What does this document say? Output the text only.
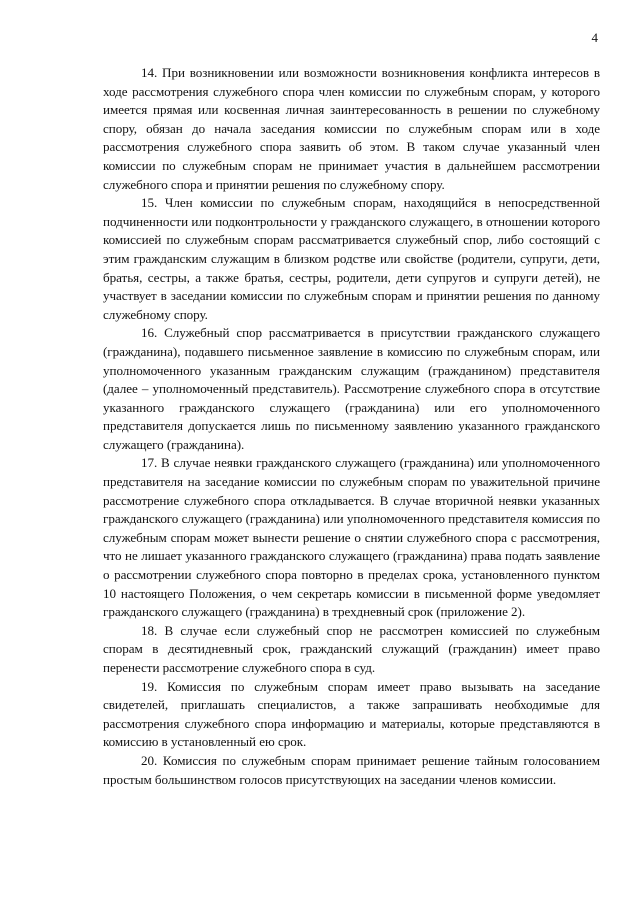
4

14. При возникновении или возможности возникновения конфликта интересов в ходе рассмотрения служебного спора член комиссии по служебным спорам, у которого имеется прямая или косвенная личная заинтересованность в решении по служебному спору, обязан до начала заседания комиссии по служебным спорам или в ходе рассмотрения служебного спора заявить об этом. В таком случае указанный член комиссии по служебным спорам не принимает участия в дальнейшем рассмотрении служебного спора и принятии решения по служебному спору.

15. Член комиссии по служебным спорам, находящийся в непосредственной подчиненности или подконтрольности у гражданского служащего, в отношении которого комиссией по служебным спорам рассматривается служебный спор, либо состоящий с этим гражданским служащим в близком родстве или свойстве (родители, супруги, дети, братья, сестры, а также братья, сестры, родители, дети супругов и супруги детей), не участвует в заседании комиссии по служебным спорам и принятии решения по данному служебному спору.

16. Служебный спор рассматривается в присутствии гражданского служащего (гражданина), подавшего письменное заявление в комиссию по служебным спорам, или уполномоченного указанным гражданским служащим (гражданином) представителя (далее – уполномоченный представитель). Рассмотрение служебного спора в отсутствие указанного гражданского служащего (гражданина) или его уполномоченного представителя допускается лишь по письменному заявлению указанного гражданского служащего (гражданина).

17. В случае неявки гражданского служащего (гражданина) или уполномоченного представителя на заседание комиссии по служебным спорам по уважительной причине рассмотрение служебного спора откладывается. В случае вторичной неявки указанных гражданского служащего (гражданина) или уполномоченного представителя комиссия по служебным спорам может вынести решение о снятии служебного спора с рассмотрения, что не лишает указанного гражданского служащего (гражданина) права подать заявление о рассмотрении служебного спора повторно в пределах срока, установленного пунктом 10 настоящего Положения, о чем секретарь комиссии в письменной форме уведомляет гражданского служащего (гражданина) в трехдневный срок (приложение 2).

18. В случае если служебный спор не рассмотрен комиссией по служебным спорам в десятидневный срок, гражданский служащий (гражданин) имеет право перенести рассмотрение служебного спора в суд.

19. Комиссия по служебным спорам имеет право вызывать на заседание свидетелей, приглашать специалистов, а также запрашивать необходимые для рассмотрения служебного спора информацию и материалы, которые представляются в комиссию в установленный ею срок.

20. Комиссия по служебным спорам принимает решение тайным голосованием простым большинством голосов присутствующих на заседании членов комиссии.
